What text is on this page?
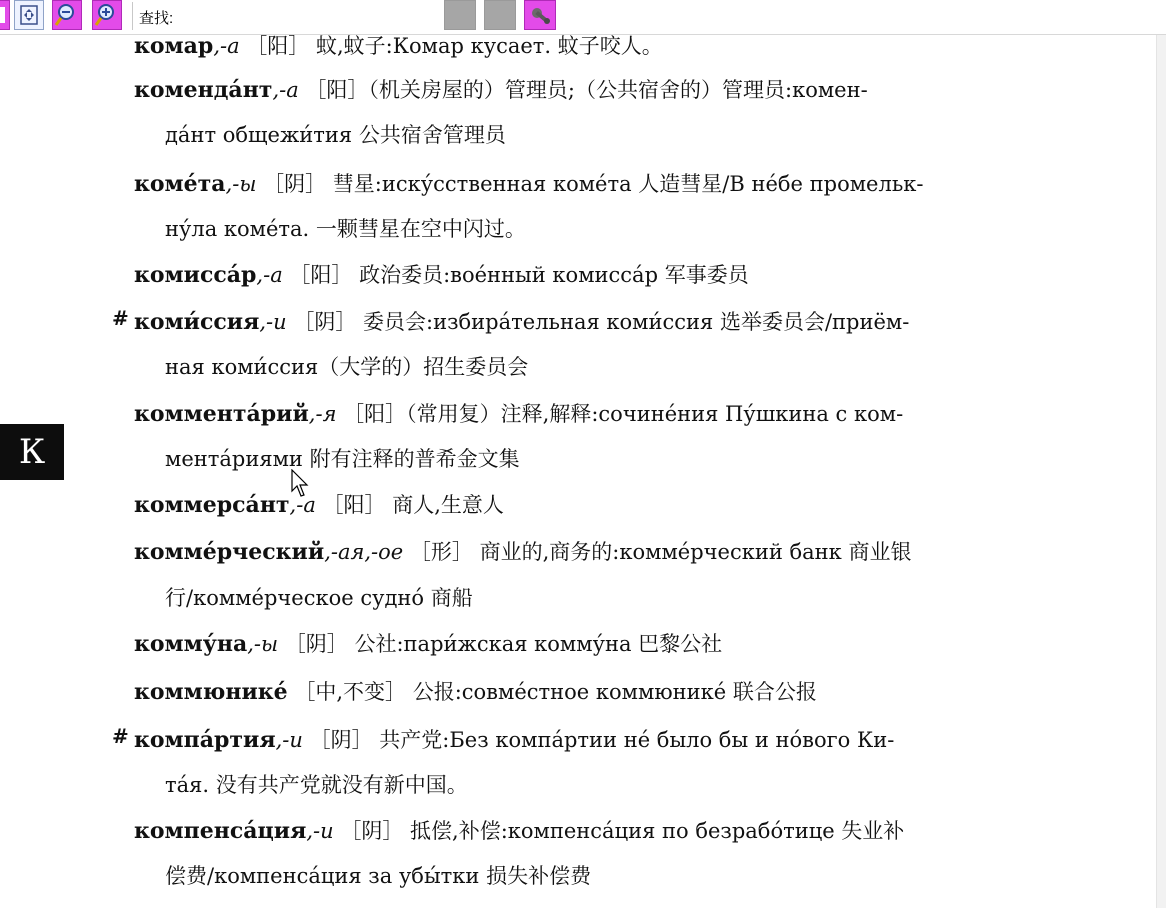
查找:
комар,-а ［阳］ 蚊,蚊子:Комар кусает. 蚊子咬人。
коменда́нт,-а ［阳］（机关房屋的）管理员;（公共宿舍的）管理员:комен-
да́нт общежи́тия 公共宿舍管理员
коме́та,-ы ［阴］ 彗星:иску́сственная коме́та 人造彗星/В не́бе промельк-
ну́ла коме́та. 一颗彗星在空中闪过。
комисса́р,-а ［阳］ 政治委员:вое́нный комисса́р 军事委员
# коми́ссия,-и ［阴］ 委员会:избира́тельная коми́ссия 选举委员会/приём-
ная коми́ссия（大学的）招生委员会
коммента́рий,-я ［阳］（常用复）注释,解释:сочине́ния Пу́шкина с ком-
мента́риями 附有注释的普希金文集
коммерса́нт,-а ［阳］ 商人,生意人
комме́рческий,-ая,-ое ［形］ 商业的,商务的:комме́рческий банк 商业银
行/комме́рческое судно́ 商船
комму́на,-ы ［阴］ 公社:пари́жская комму́на 巴黎公社
коммюнике́ ［中,不变］ 公报:совме́стное коммюнике́ 联合公报
# компа́ртия,-и ［阴］ 共产党:Без компа́ртии не́ было бы и но́вого Ки-
та́я. 没有共产党就没有新中国。
компенса́ция,-и ［阴］ 抵偿,补偿:компенса́ция по безрабо́тице 失业补
偿费/компенса́ция за убы́тки 损失补偿费
К
